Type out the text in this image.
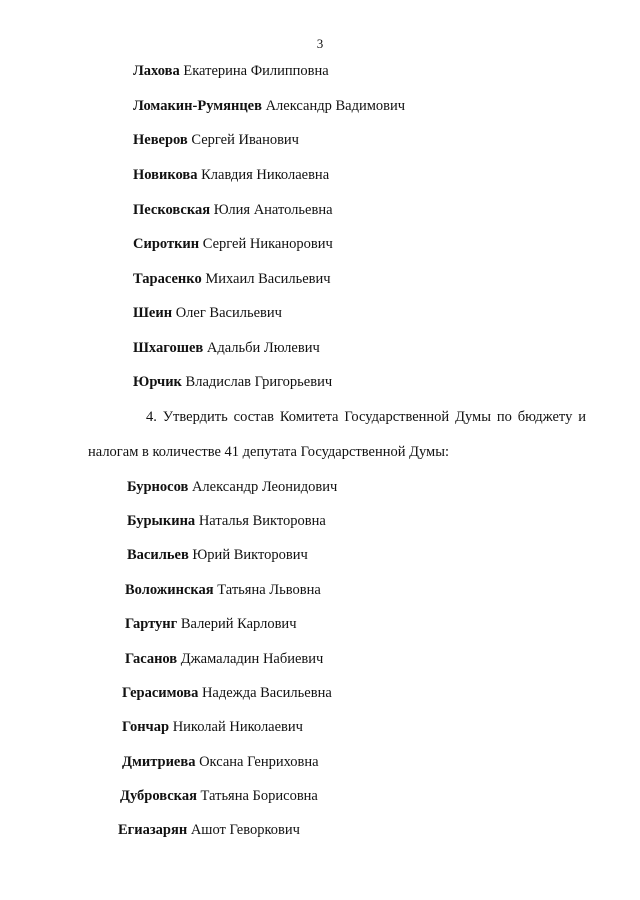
3
Лахова Екатерина Филипповна
Ломакин-Румянцев Александр Вадимович
Неверов Сергей Иванович
Новикова Клавдия Николаевна
Песковская Юлия Анатольевна
Сироткин Сергей Никанорович
Тарасенко Михаил Васильевич
Шеин Олег Васильевич
Шхагошев Адальби Люлевич
Юрчик Владислав Григорьевич
4. Утвердить состав Комитета Государственной Думы по бюджету и
налогам в количестве 41 депутата Государственной Думы:
Бурносов Александр Леонидович
Бурыкина Наталья Викторовна
Васильев Юрий Викторович
Воложинская Татьяна Львовна
Гартунг Валерий Карлович
Гасанов Джамаладин Набиевич
Герасимова Надежда Васильевна
Гончар Николай Николаевич
Дмитриева Оксана Генриховна
Дубровская Татьяна Борисовна
Егиазарян Ашот Геворкович
